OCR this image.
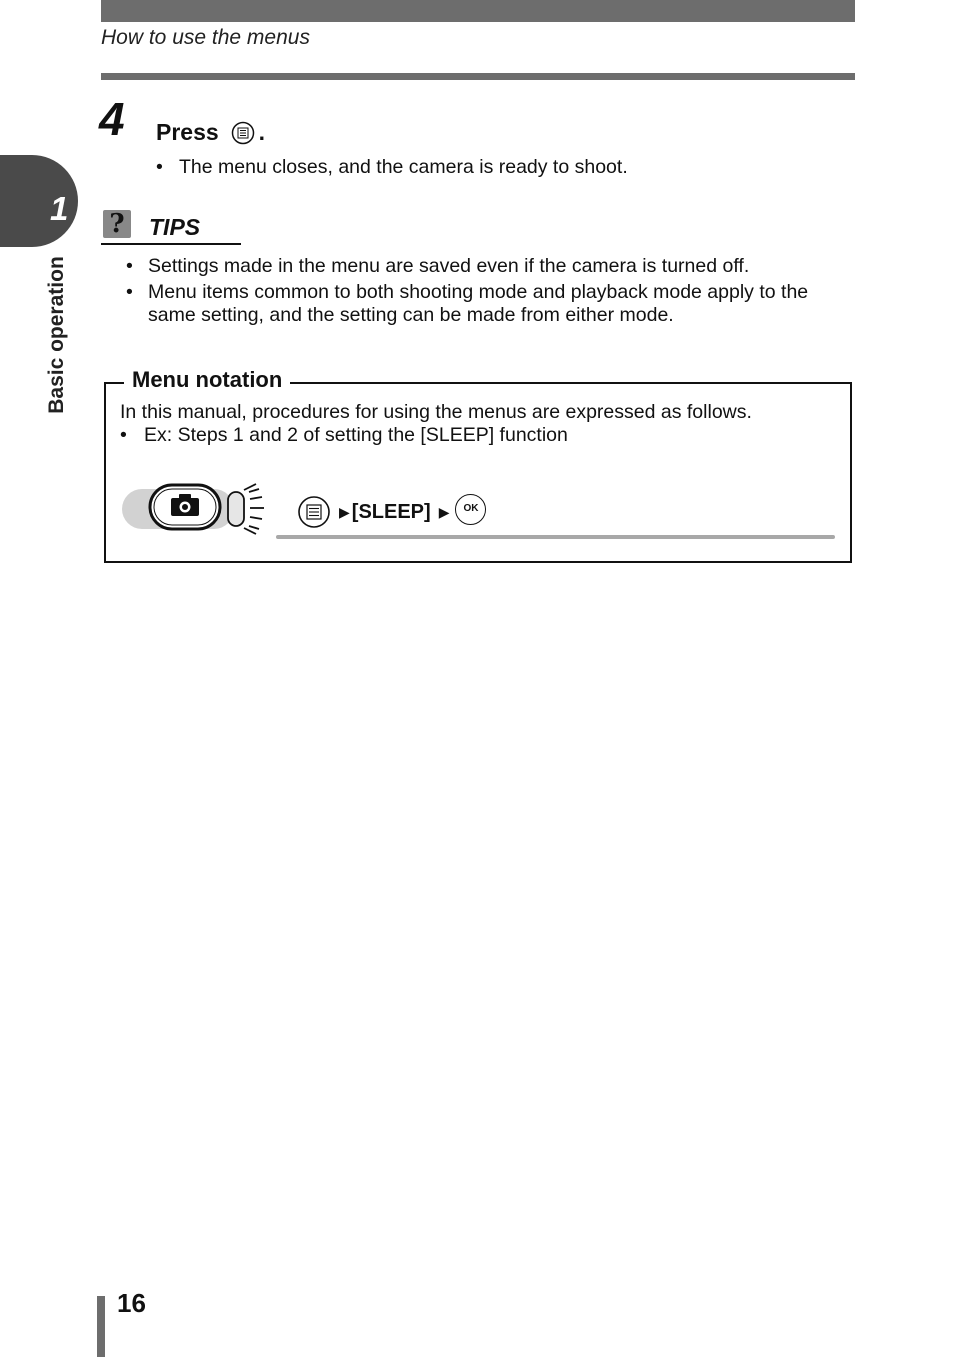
How to use the menus
1
Basic operation
4 Press .
• The menu closes, and the camera is ready to shoot.
? TIPS
• Settings made in the menu are saved even if the camera is turned off.
• Menu items common to both shooting mode and playback mode apply to the
same setting, and the setting can be made from either mode.
Menu notation
In this manual, procedures for using the menus are expressed as follows.
• Ex: Steps 1 and 2 of setting the [SLEEP] function
▶ [SLEEP] ▶	OK
16
